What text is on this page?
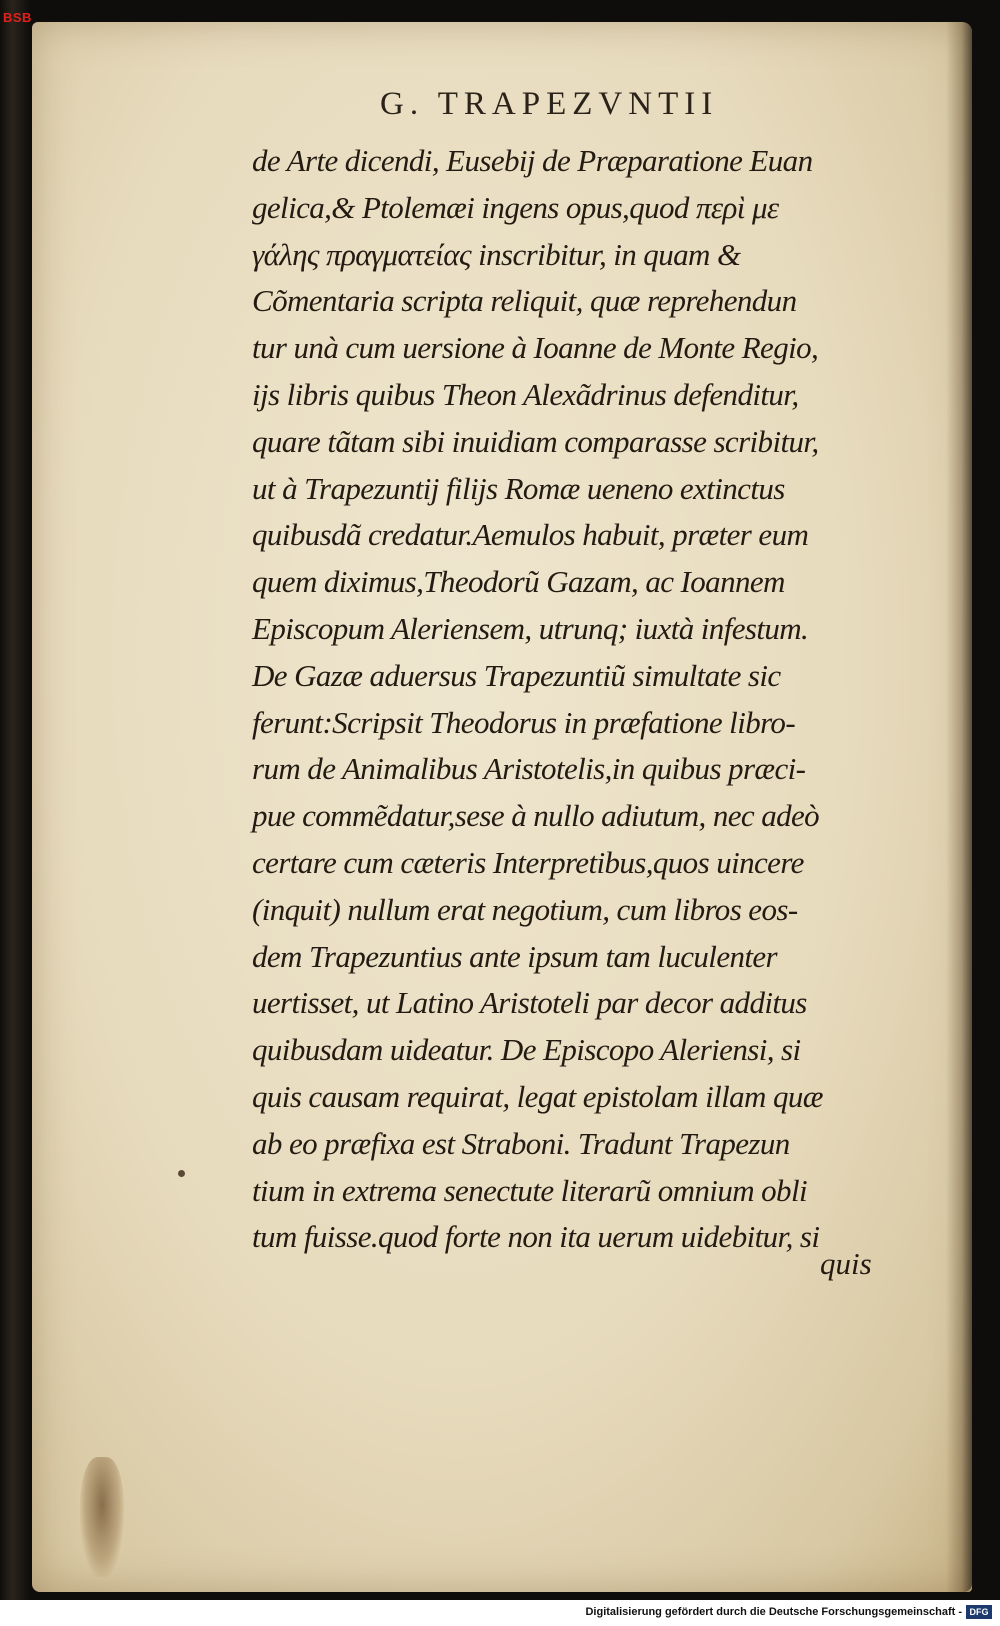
BSB
G. TRAPEZVNTII
de Arte dicendi, Eusebij de Præparatione Euan
gelica,& Ptolemæi ingens opus,quod περὶ με
γάλης πραγματείας inscribitur, in quam &
Cõmentaria scripta reliquit, quæ reprehendun
tur unà cum uersione à Ioanne de Monte Regio,
ijs libris quibus Theon Alexãdrinus defenditur,
quare tãtam sibi inuidiam comparasse scribitur,
ut à Trapezuntij filijs Romæ ueneno extinctus
quibusdã credatur.Aemulos habuit, præter eum
quem diximus,Theodorũ Gazam, ac Ioannem
Episcopum Aleriensem, utrunq; iuxtà infestum.
De Gazæ aduersus Trapezuntiũ simultate sic
ferunt:Scripsit Theodorus in præfatione libro-
rum de Animalibus Aristotelis,in quibus præci-
pue commẽdatur,sese à nullo adiutum, nec adeò
certare cum cæteris Interpretibus,quos uincere
(inquit) nullum erat negotium, cum libros eos-
dem Trapezuntius ante ipsum tam luculenter
uertisset, ut Latino Aristoteli par decor additus
quibusdam uideatur. De Episcopo Aleriensi, si
quis causam requirat, legat epistolam illam quæ
ab eo præfixa est Straboni. Tradunt Trapezun
tium in extrema senectute literarũ omnium obli
tum fuisse.quod forte non ita uerum uidebitur, si
quis
Digitalisierung gefördert durch die Deutsche Forschungsgemeinschaft - DFG
